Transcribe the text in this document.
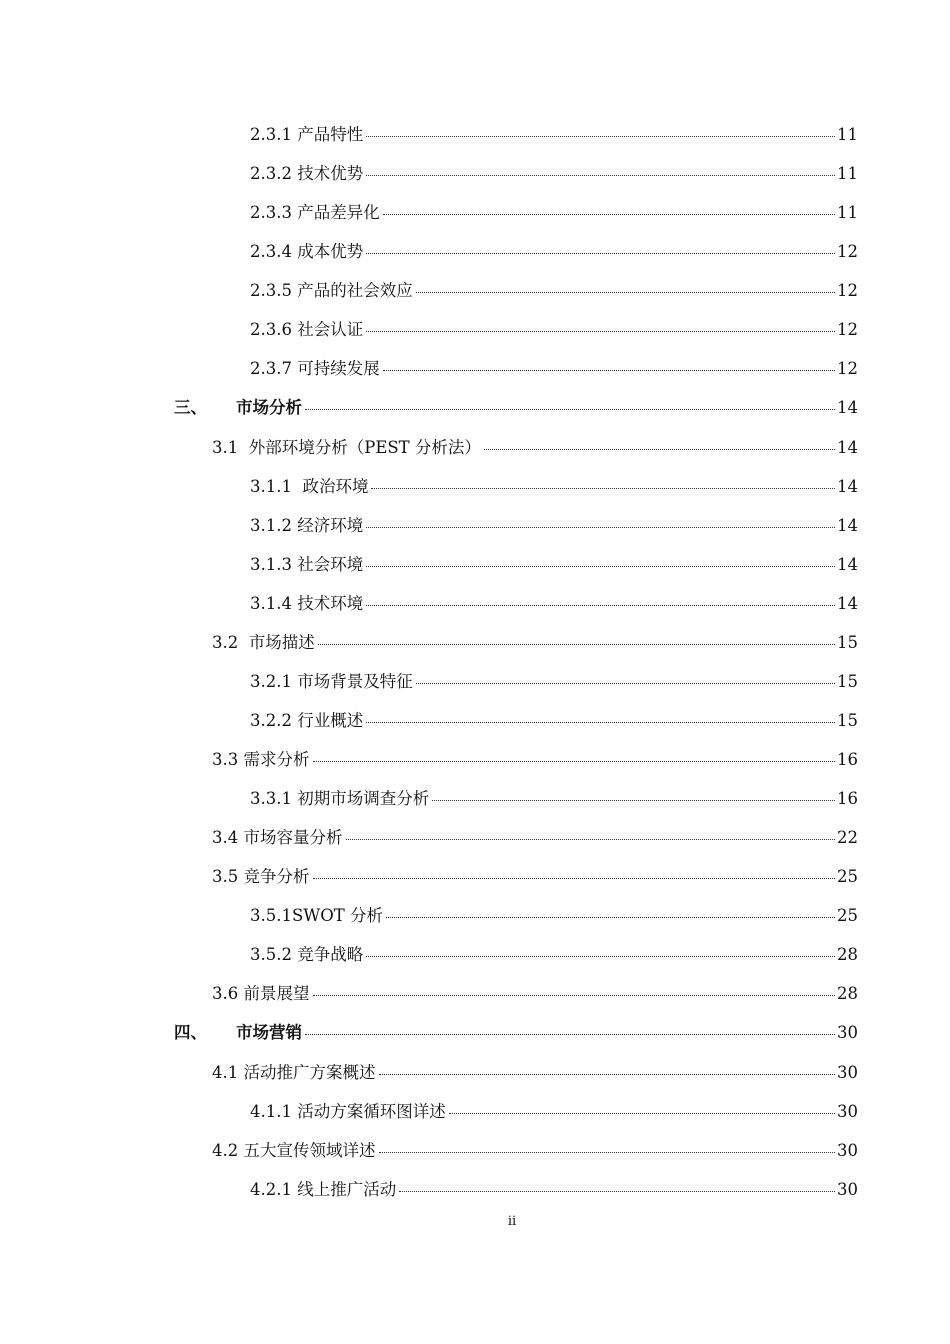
2.3.1 产品特性	11
2.3.2 技术优势	11
2.3.3 产品差异化	11
2.3.4 成本优势	12
2.3.5 产品的社会效应	12
2.3.6 社会认证	12
2.3.7 可持续发展	12
三、	市场分析	14
3.1  外部环境分析（PEST 分析法）	14
3.1.1  政治环境	14
3.1.2 经济环境	14
3.1.3 社会环境	14
3.1.4 技术环境	14
3.2  市场描述	15
3.2.1 市场背景及特征	15
3.2.2 行业概述	15
3.3 需求分析	16
3.3.1 初期市场调查分析	16
3.4 市场容量分析	22
3.5 竞争分析	25
3.5.1SWOT 分析	25
3.5.2 竞争战略	28
3.6 前景展望	28
四、	市场营销	30
4.1 活动推广方案概述	30
4.1.1 活动方案循环图详述	30
4.2 五大宣传领域详述	30
4.2.1 线上推广活动	30
ii
